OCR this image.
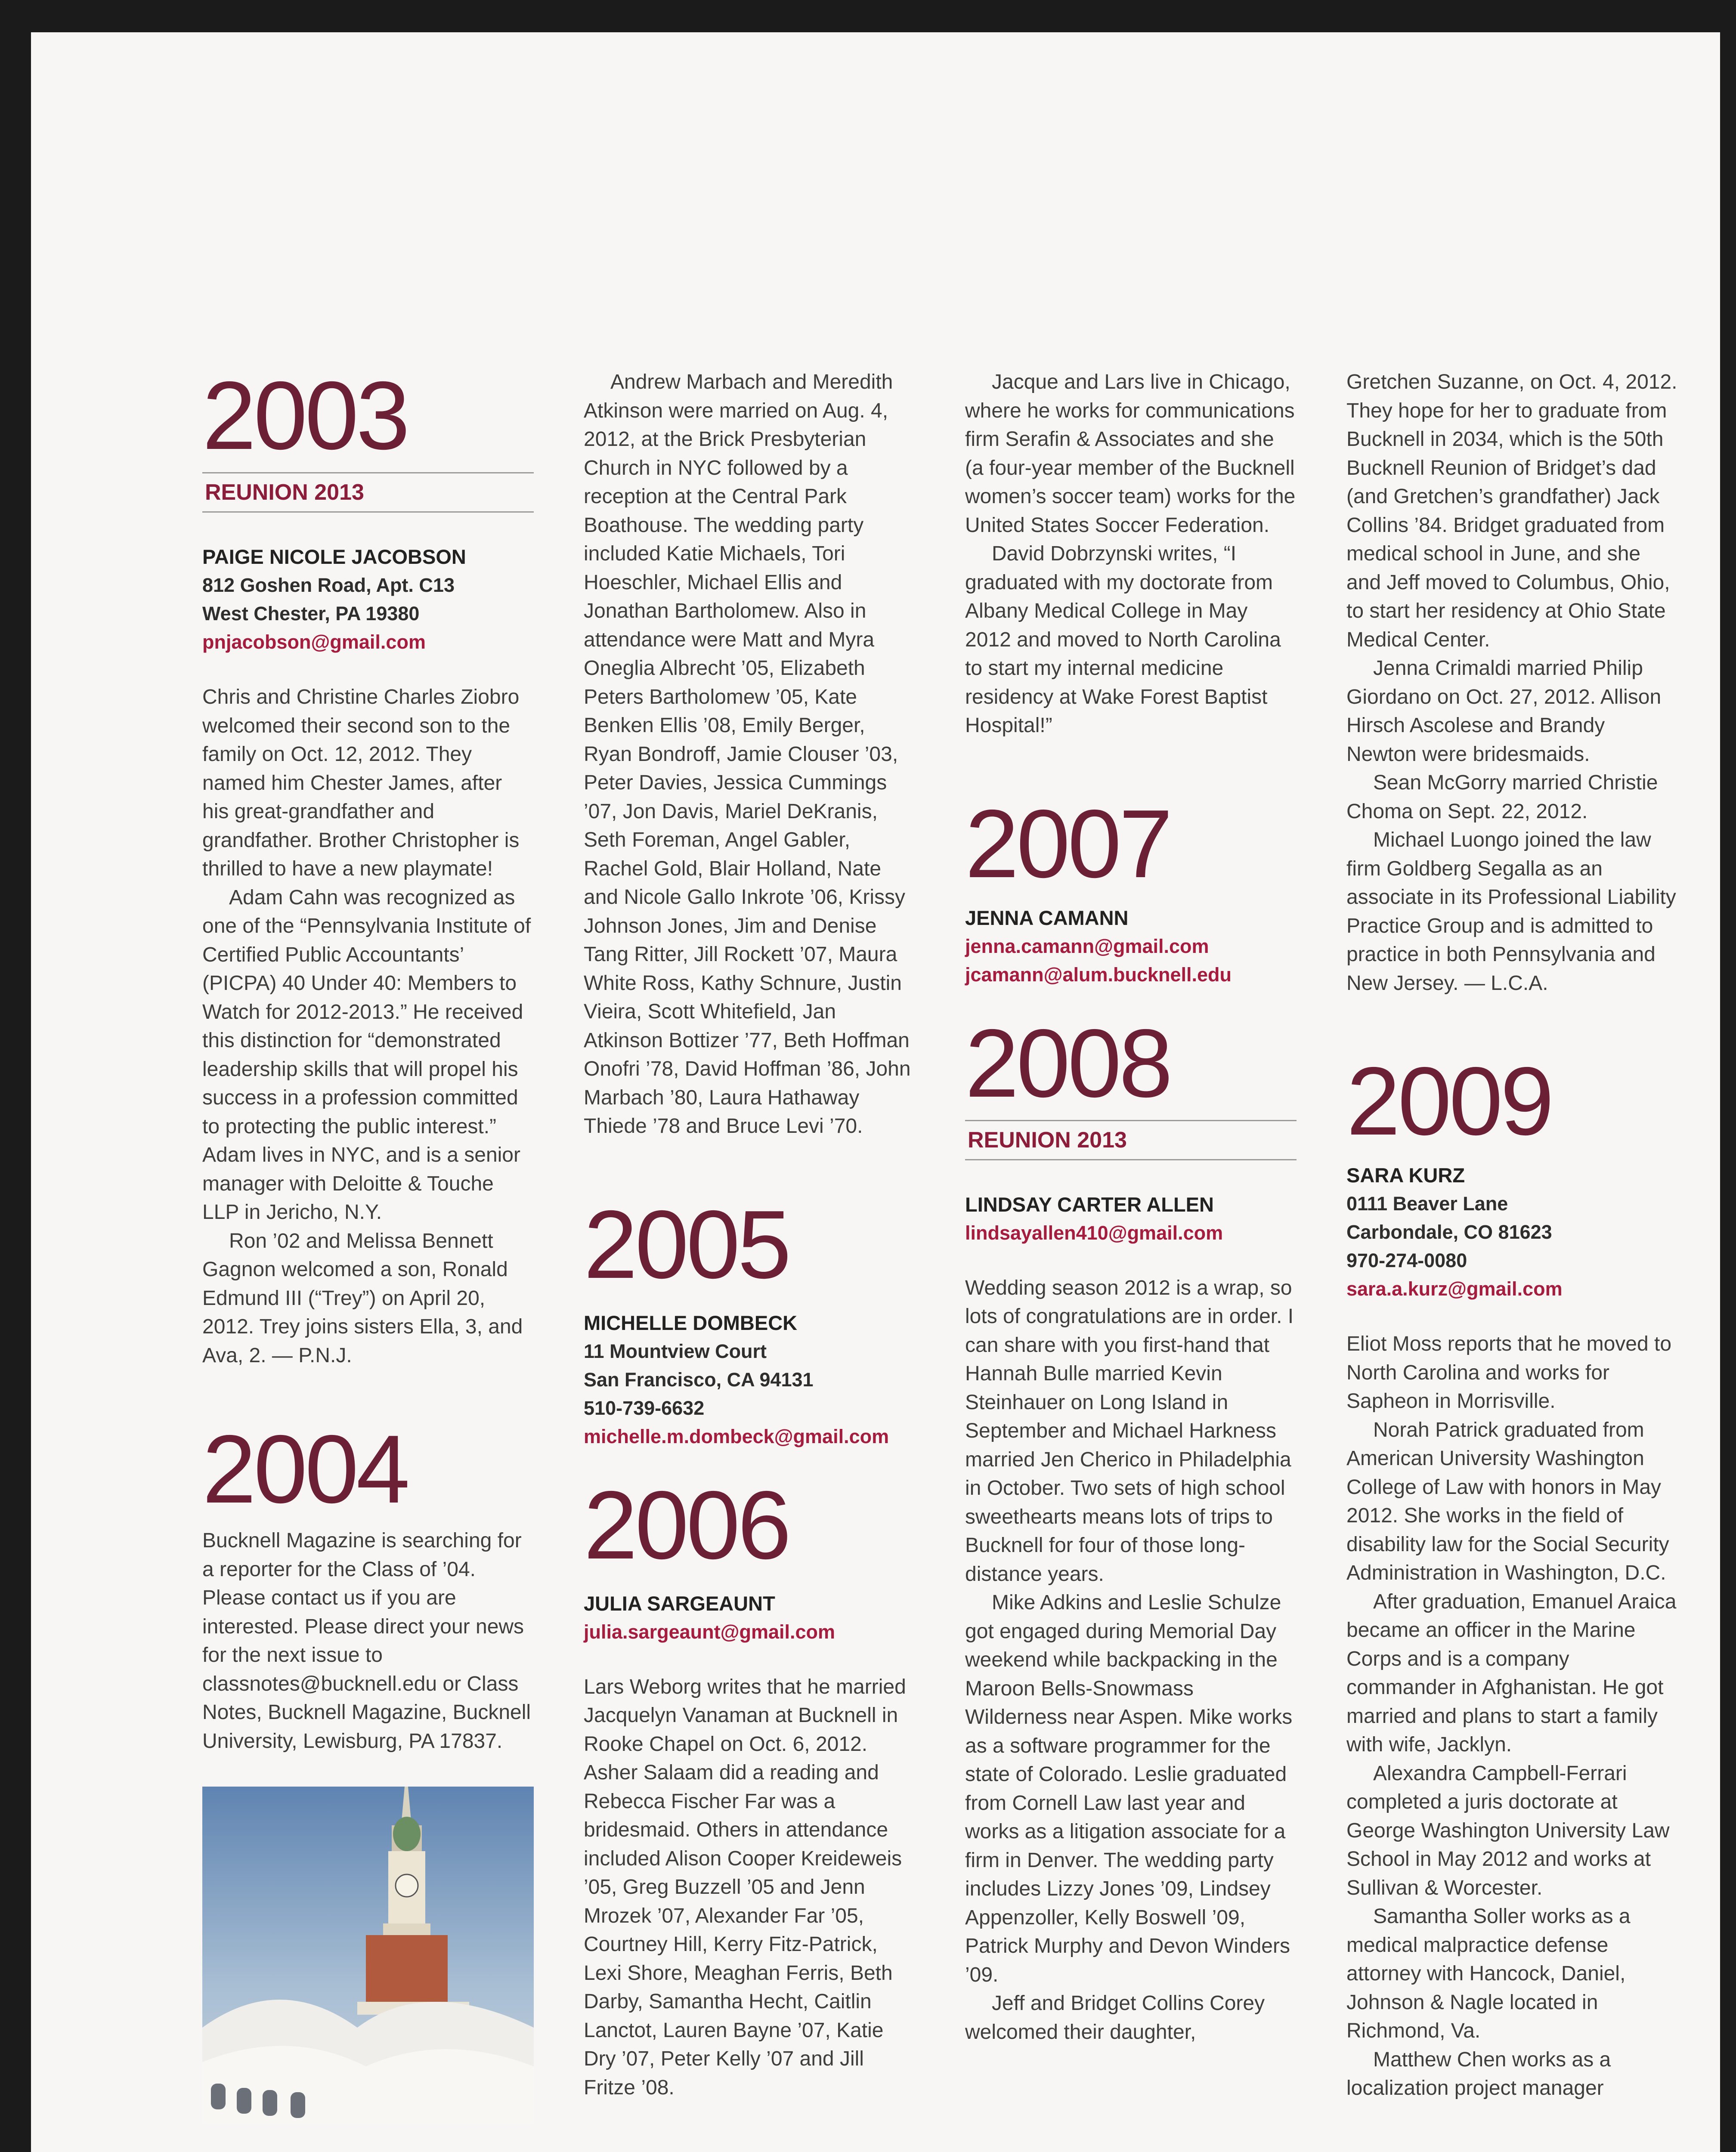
2003
REUNION 2013
PAIGE NICOLE JACOBSON
812 Goshen Road, Apt. C13
West Chester, PA 19380
pnjacobson@gmail.com

Chris and Christine Charles Ziobro welcomed their second son to the family on Oct. 12, 2012. They named him Chester James, after his great-grandfather and grandfather. Brother Christopher is thrilled to have a new playmate!

Adam Cahn was recognized as one of the “Pennsylvania Institute of Certified Public Accountants’ (PICPA) 40 Under 40: Members to Watch for 2012-2013.” He received this distinction for “demonstrated leadership skills that will propel his success in a profession committed to protecting the public interest.” Adam lives in NYC, and is a senior manager with Deloitte & Touche LLP in Jericho, N.Y.

Ron ’02 and Melissa Bennett Gagnon welcomed a son, Ronald Edmund III (“Trey”) on April 20, 2012. Trey joins sisters Ella, 3, and Ava, 2. — P.N.J.

2004

Bucknell Magazine is searching for a reporter for the Class of ’04. Please contact us if you are interested. Please direct your news for the next issue to classnotes@bucknell.edu or Class Notes, Bucknell Magazine, Bucknell University, Lewisburg, PA 17837.

Andrew Marbach and Meredith Atkinson were married on Aug. 4, 2012, at the Brick Presbyterian Church in NYC followed by a reception at the Central Park Boathouse. The wedding party included Katie Michaels, Tori Hoeschler, Michael Ellis and Jonathan Bartholomew. Also in attendance were Matt and Myra Oneglia Albrecht ’05, Elizabeth Peters Bartholomew ’05, Kate Benken Ellis ’08, Emily Berger, Ryan Bondroff, Jamie Clouser ’03, Peter Davies, Jessica Cummings ’07, Jon Davis, Mariel DeKranis, Seth Foreman, Angel Gabler, Rachel Gold, Blair Holland, Nate and Nicole Gallo Inkrote ’06, Krissy Johnson Jones, Jim and Denise Tang Ritter, Jill Rockett ’07, Maura White Ross, Kathy Schnure, Justin Vieira, Scott Whitefield, Jan Atkinson Bottizer ’77, Beth Hoffman Onofri ’78, David Hoffman ’86, John Marbach ’80, Laura Hathaway Thiede ’78 and Bruce Levi ’70.

2005
MICHELLE DOMBECK
11 Mountview Court
San Francisco, CA 94131
510-739-6632
michelle.m.dombeck@gmail.com
2006
JULIA SARGEAUNT
julia.sargeaunt@gmail.com

Lars Weborg writes that he married Jacquelyn Vanaman at Bucknell in Rooke Chapel on Oct. 6, 2012. Asher Salaam did a reading and Rebecca Fischer Far was a bridesmaid. Others in attendance included Alison Cooper Kreideweis ’05, Greg Buzzell ’05 and Jenn Mrozek ’07, Alexander Far ’05, Courtney Hill, Kerry Fitz-Patrick, Lexi Shore, Meaghan Ferris, Beth Darby, Samantha Hecht, Caitlin Lanctot, Lauren Bayne ’07, Katie Dry ’07, Peter Kelly ’07 and Jill Fritze ’08.

Jacque and Lars live in Chicago, where he works for communications firm Serafin & Associates and she (a four-year member of the Bucknell women’s soccer team) works for the United States Soccer Federation.

David Dobrzynski writes, “I graduated with my doctorate from Albany Medical College in May 2012 and moved to North Carolina to start my internal medicine residency at Wake Forest Baptist Hospital!”

2007
JENNA CAMANN
jenna.camann@gmail.com
jcamann@alum.bucknell.edu
2008
REUNION 2013
LINDSAY CARTER ALLEN
lindsayallen410@gmail.com

Wedding season 2012 is a wrap, so lots of congratulations are in order. I can share with you first-hand that Hannah Bulle married Kevin Steinhauer on Long Island in September and Michael Harkness married Jen Cherico in Philadelphia in October. Two sets of high school sweethearts means lots of trips to Bucknell for four of those long-distance years.

Mike Adkins and Leslie Schulze got engaged during Memorial Day weekend while backpacking in the Maroon Bells-Snowmass Wilderness near Aspen. Mike works as a software programmer for the state of Colorado. Leslie graduated from Cornell Law last year and works as a litigation associate for a firm in Denver. The wedding party includes Lizzy Jones ’09, Lindsey Appenzoller, Kelly Boswell ’09, Patrick Murphy and Devon Winders ’09.

Jeff and Bridget Collins Corey welcomed their daughter,

Gretchen Suzanne, on Oct. 4, 2012. They hope for her to graduate from Bucknell in 2034, which is the 50th Bucknell Reunion of Bridget’s dad (and Gretchen’s grandfather) Jack Collins ’84. Bridget graduated from medical school in June, and she and Jeff moved to Columbus, Ohio, to start her residency at Ohio State Medical Center.

Jenna Crimaldi married Philip Giordano on Oct. 27, 2012. Allison Hirsch Ascolese and Brandy Newton were bridesmaids.

Sean McGorry married Christie Choma on Sept. 22, 2012.

Michael Luongo joined the law firm Goldberg Segalla as an associate in its Professional Liability Practice Group and is admitted to practice in both Pennsylvania and New Jersey. — L.C.A.

2009
SARA KURZ
0111 Beaver Lane
Carbondale, CO 81623
970-274-0080
sara.a.kurz@gmail.com

Eliot Moss reports that he moved to North Carolina and works for Sapheon in Morrisville.

Norah Patrick graduated from American University Washington College of Law with honors in May 2012. She works in the field of disability law for the Social Security Administration in Washington, D.C.

After graduation, Emanuel Araica became an officer in the Marine Corps and is a company commander in Afghanistan. He got married and plans to start a family with wife, Jacklyn.

Alexandra Campbell-Ferrari completed a juris doctorate at George Washington University Law School in May 2012 and works at Sullivan & Worcester.

Samantha Soller works as a medical malpractice defense attorney with Hancock, Daniel, Johnson & Nagle located in Richmond, Va.

Matthew Chen works as a localization project manager
